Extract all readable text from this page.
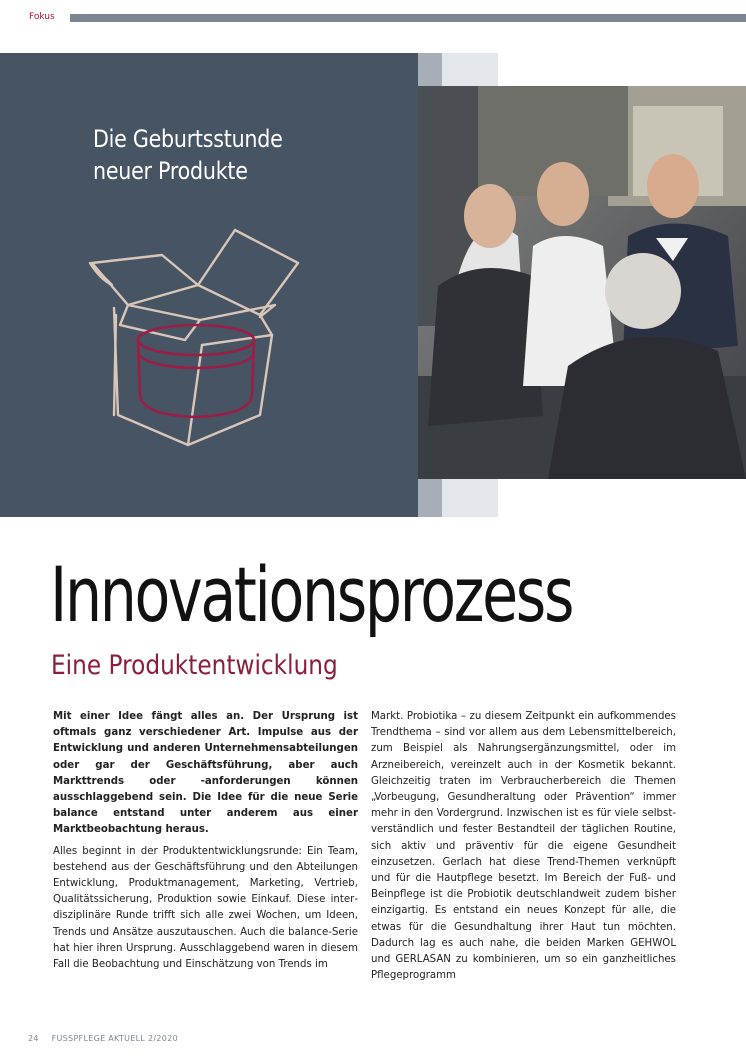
Fokus
Die Geburtsstunde
neuer Produkte
Innovationsprozess
Eine Produktentwicklung

Mit einer Idee fängt alles an. Der Ursprung ist oftmals ganz verschiedener Art. Impulse aus der Entwicklung und anderen Unternehmensabteilungen oder gar der Geschäftsführung, aber auch Markttrends oder -anforderungen können ausschlaggebend sein. Die Idee für die neue Serie balance entstand unter anderem aus einer Marktbeobachtung heraus.

Alles beginnt in der Produktentwicklungsrunde: Ein Team, bestehend aus der Geschäftsführung und den Abteilungen Entwicklung, Produktmanagement, Marketing, Vertrieb, Qualitätssicherung, Produktion sowie Einkauf. Diese interdisziplinäre Runde trifft sich alle zwei Wochen, um Ideen, Trends und Ansätze auszutauschen. Auch die balance-Serie hat hier ihren Ursprung. Ausschlaggebend waren in diesem Fall die Beobachtung und Einschätzung von Trends im

Markt. Probiotika – zu diesem Zeitpunkt ein aufkommendes Trendthema – sind vor allem aus dem Lebensmittelbereich, zum Beispiel als Nahrungsergänzungsmittel, oder im Arzneibereich, vereinzelt auch in der Kosmetik bekannt. Gleichzeitig traten im Verbraucherbereich die Themen „Vorbeugung, Gesundheraltung oder Prävention“ immer mehr in den Vordergrund. Inzwischen ist es für viele selbstverständlich und fester Bestandteil der täglichen Routine, sich aktiv und präventiv für die eigene Gesundheit einzusetzen. Gerlach hat diese Trend-Themen verknüpft und für die Hautpflege besetzt. Im Bereich der Fuß- und Beinpflege ist die Probiotik deutschlandweit zudem bisher einzigartig. Es entstand ein neues Konzept für alle, die etwas für die Gesundhaltung ihrer Haut tun möchten. Dadurch lag es auch nahe, die beiden Marken GEHWOL und GERLASAN zu kombinieren, um so ein ganzheitliches Pflegeprogramm

24 FUSSPFLEGE AKTUELL 2/2020
